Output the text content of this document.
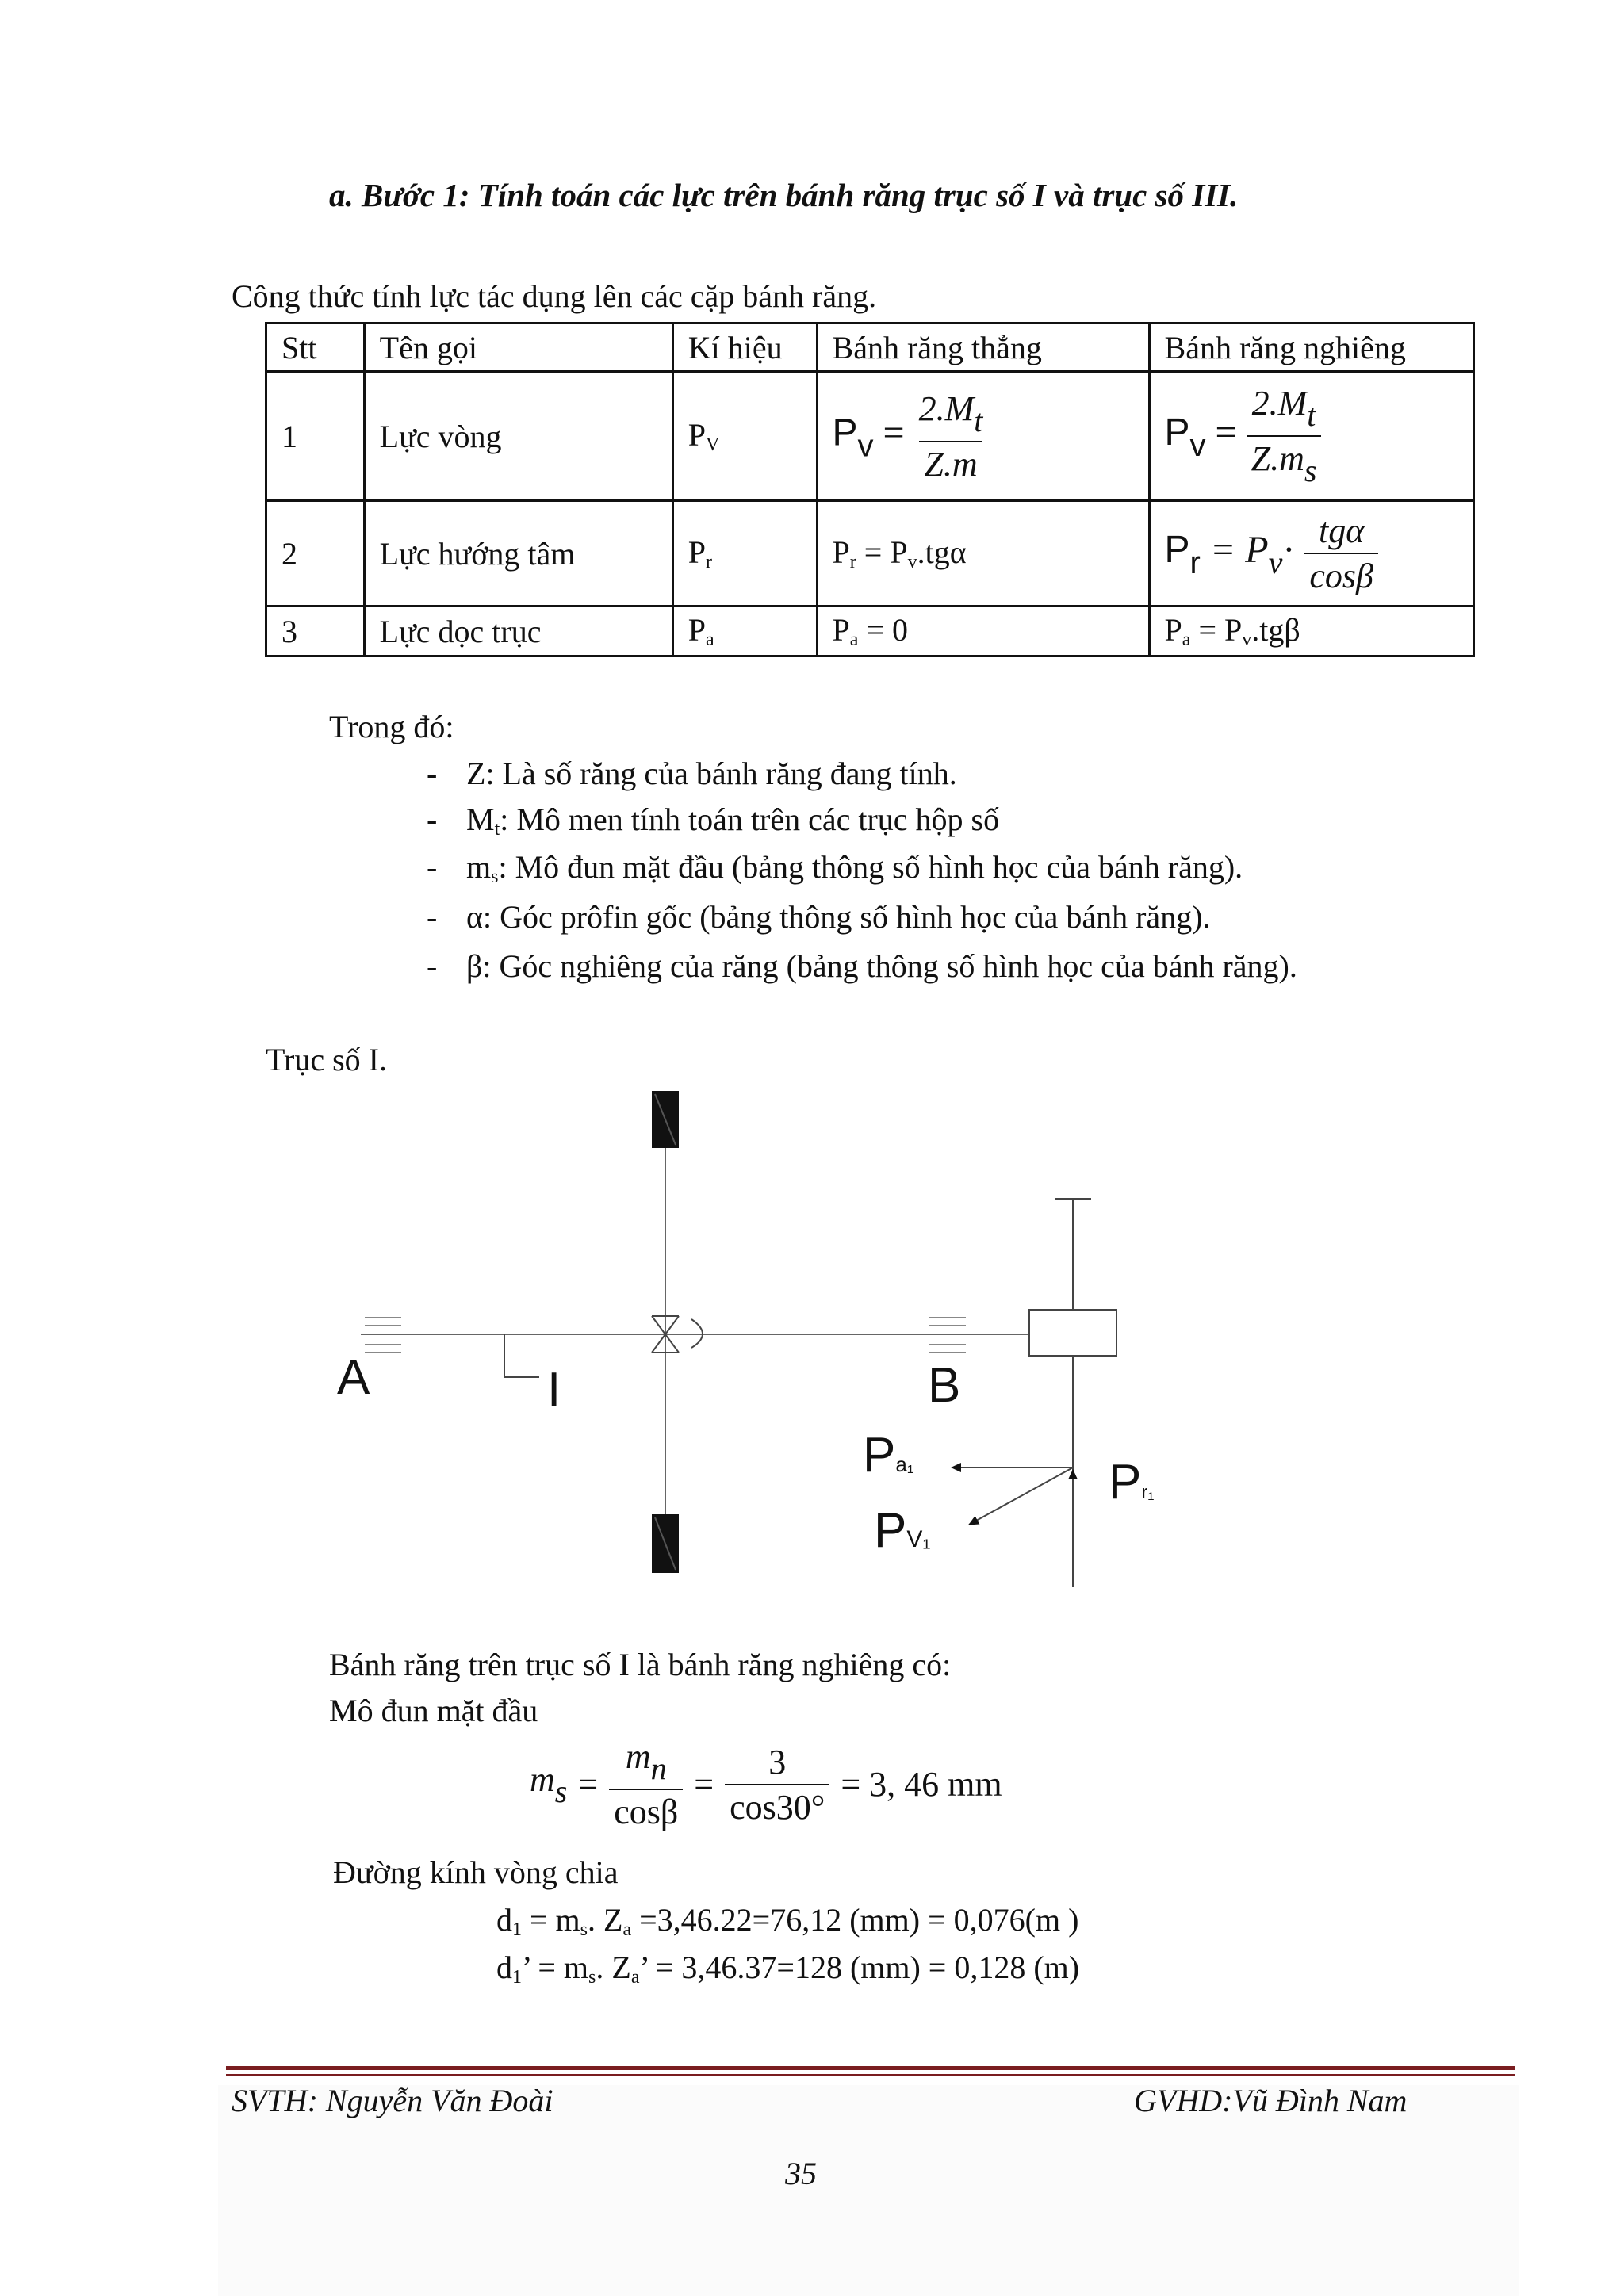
a. Bước 1: Tính toán các lực trên bánh răng trục số I và trục số III.
Công thức tính lực tác dụng lên các cặp bánh răng.
Stt	Tên gọi	Kí hiệu	Bánh răng thẳng	Bánh răng nghiêng
1	Lực vòng	$P_V$	$P_v = \frac{2.Mt}{Z.m}$	$P_v = \frac{2.Mt}{Z.ms}$

2	Lực hướng tâm	$P_r$	$P_r = P_v.tg\alpha$	$P_r = P_v\cdot \frac{\text{tgα}}{\cos\beta}$

3	Lực dọc trục	$P_a$	$P_a = 0$	$P_a = P_v.tg\beta$
Trong đó:
- Z: Là số răng của bánh răng đang tính.
- $M_t$: Mô men tính toán trên các trục hộp số
- $m_s$: Mô đun mặt đầu (bảng thông số hình học của bánh răng).
- α: Góc prôfin gốc (bảng thông số hình học của bánh răng).
- β: Góc nghiêng của răng (bảng thông số hình học của bánh răng).
Trục số I.
A	I	B
Pa₁
PV₁
Pr₁
Bánh răng trên trục số I là bánh răng nghiêng có:
Mô đun mặt đầu
ms = $\frac{mn}{\cos\beta} = \frac{3}{\cos 30^\circ} = 3$, 46 mm
Đường kính vòng chia
$d_1 = m_s$. $Z_a =3,46.22=76,12$ (mm) = 0,076(m )
$d_1$’ = $m_s$. $Z_a$’ = 3,46.37=128 (mm) = 0,128 (m)
SVTH: Nguyễn Văn Đoài	GVHD:Vũ Đình Nam
35
